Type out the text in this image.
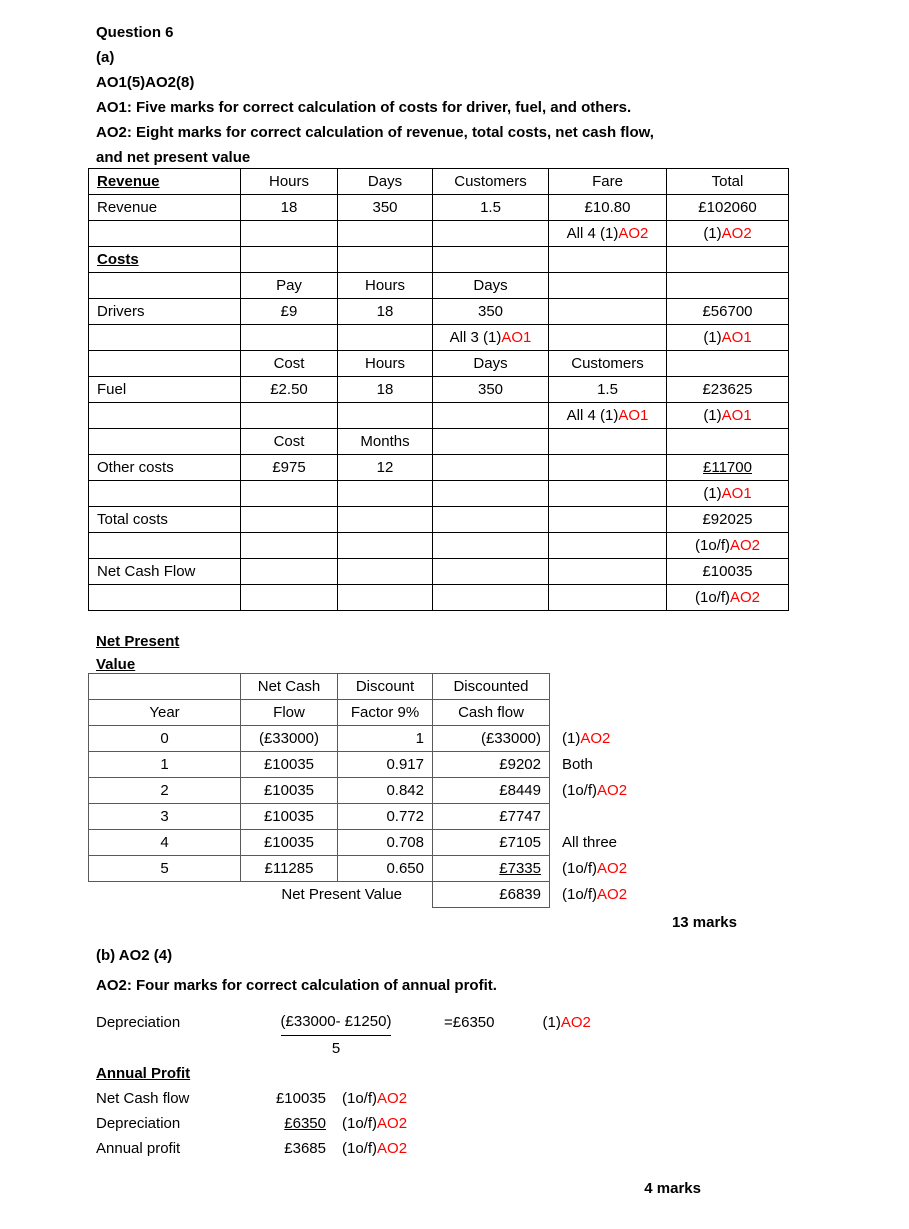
Question 6
(a)
AO1(5)AO2(8)
AO1: Five marks for correct calculation of costs for driver, fuel, and others.
AO2: Eight marks for correct calculation of revenue, total costs, net cash flow,
and net present value
Revenue	Hours	Days	Customers	Fare	Total
Revenue	18	350	1.5	£10.80	£102060
				All 4 (1)AO2	(1)AO2
Costs					
	Pay	Hours	Days		
Drivers	£9	18	350		£56700
			All 3 (1)AO1		(1)AO1
	Cost	Hours	Days	Customers	
Fuel	£2.50	18	350	1.5	£23625
				All 4 (1)AO1	(1)AO1
	Cost	Months			
Other costs	£975	12			£11700
					(1)AO1
Total costs					£92025
					(1o/f)AO2
Net Cash Flow					£10035
					(1o/f)AO2
Net Present
Value
	Net Cash	Discount	Discounted	
Year	Flow	Factor 9%	Cash flow	
0	(£33000)	1	(£33000)	(1)AO2
1	£10035	0.917	£9202	Both
2	£10035	0.842	£8449	(1o/f)AO2
3	£10035	0.772	£7747	
4	£10035	0.708	£7105	All three
5	£11285	0.650	£7335	(1o/f)AO2
Net Present Value			£6839	(1o/f)AO2
13 marks
(b) AO2 (4)
AO2: Four marks for correct calculation of annual profit.
Depreciation	$\frac{(£33000- £1250)}{5}$	=£6350	(1)AO2
Annual Profit
Net Cash flow	£10035 (1o/f)AO2
Depreciation	£6350 (1o/f)AO2
Annual profit	£3685 (1o/f)AO2
4 marks
